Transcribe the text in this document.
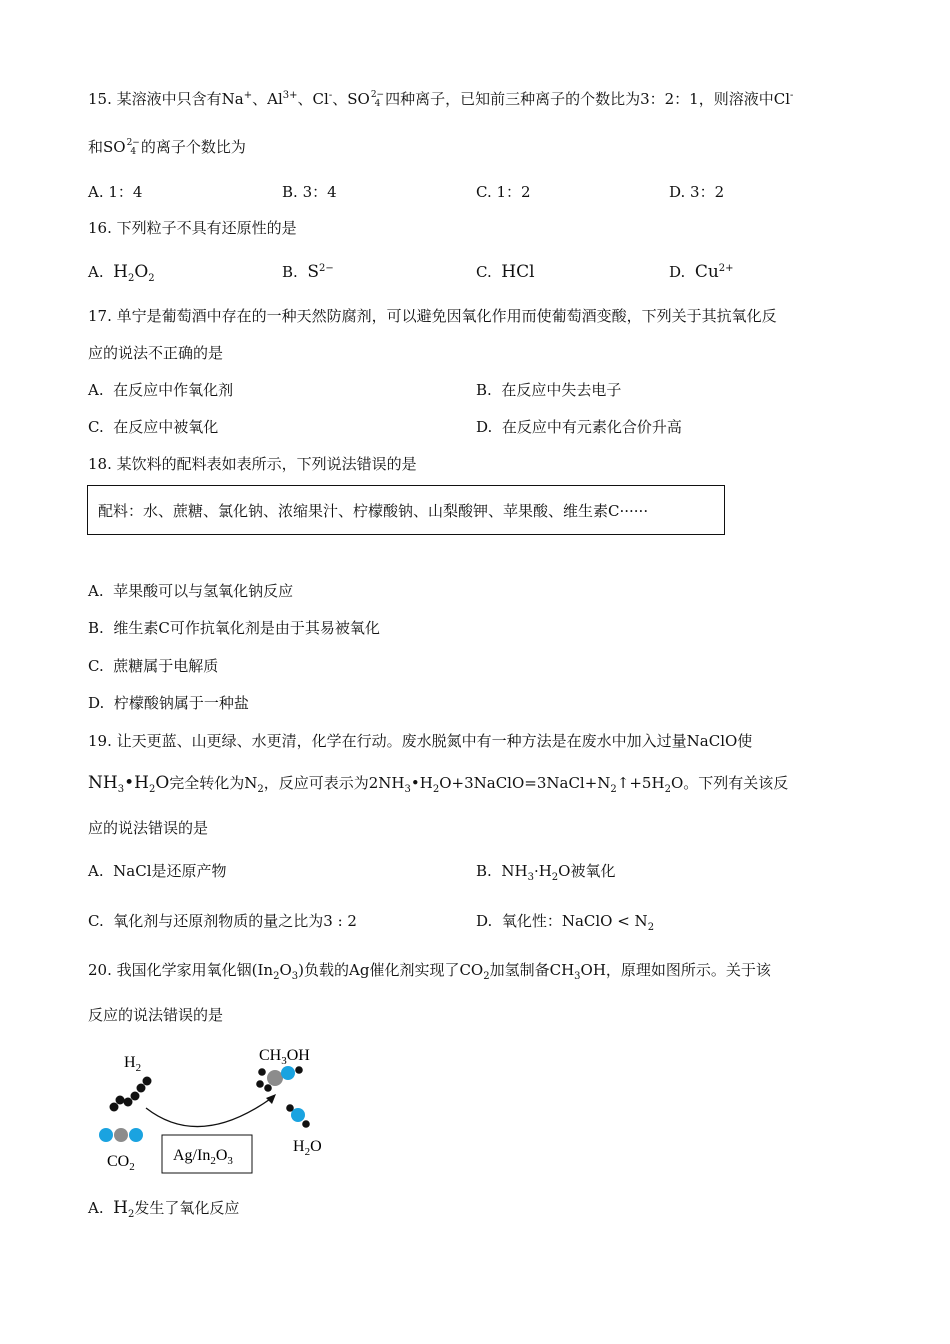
15. 某溶液中只含有Na+、$Al^{3+}$、Cl-、SO 2−
4 四种离子，已知前三种离子的个数比为3：2：1，则溶液中Cl-
和SO 2−
4 的离子个数比为
A. 1：4	B. 3：4	C. 1：2	D. 3：2
16. 下列粒子不具有还原性的是
A. $H_2O_2$	B. $S^{2-}$	C. HCl	D. $Cu^{2+}$
17. 单宁是葡萄酒中存在的一种天然防腐剂，可以避免因氧化作用而使葡萄酒变酸，下列关于其抗氧化反
应的说法不正确的是
A. 在反应中作氧化剂	B. 在反应中失去电子
C. 在反应中被氧化	D. 在反应中有元素化合价升高
18. 某饮料的配料表如表所示，下列说法错误的是
配料：水、蔗糖、氯化钠、浓缩果汁、柠檬酸钠、山梨酸钾、苹果酸、维生素C······
A. 苹果酸可以与氢氧化钠反应
B. 维生素C可作抗氧化剂是由于其易被氧化
C. 蔗糖属于电解质
D. 柠檬酸钠属于一种盐
19. 让天更蓝、山更绿、水更清，化学在行动。废水脱氮中有一种方法是在废水中加入过量NaClO使
$NH_3•H_2O$完全转化为$N_2$，反应可表示为$2NH_3•H_2O+3NaClO=3NaCl+N_2↑+5H_2O$。下列有关该反
应的说法错误的是
A. NaCl是还原产物	B. $NH_3\cdot H_2O$被氧化
C. 氧化剂与还原剂物质的量之比为3 : 2	D. 氧化性：NaClO < $N_2$
20. 我国化学家用氧化铟$(In_2O_3)$负载的Ag催化剂实现了$CO_2$加氢制备$CH_3OH$，原理如图所示。关于该
反应的说法错误的是
$H_2$
$CO_2$
$Ag/In_2O_3$
$CH_3OH$
$H_2O$
A. $H_2$发生了氧化反应
